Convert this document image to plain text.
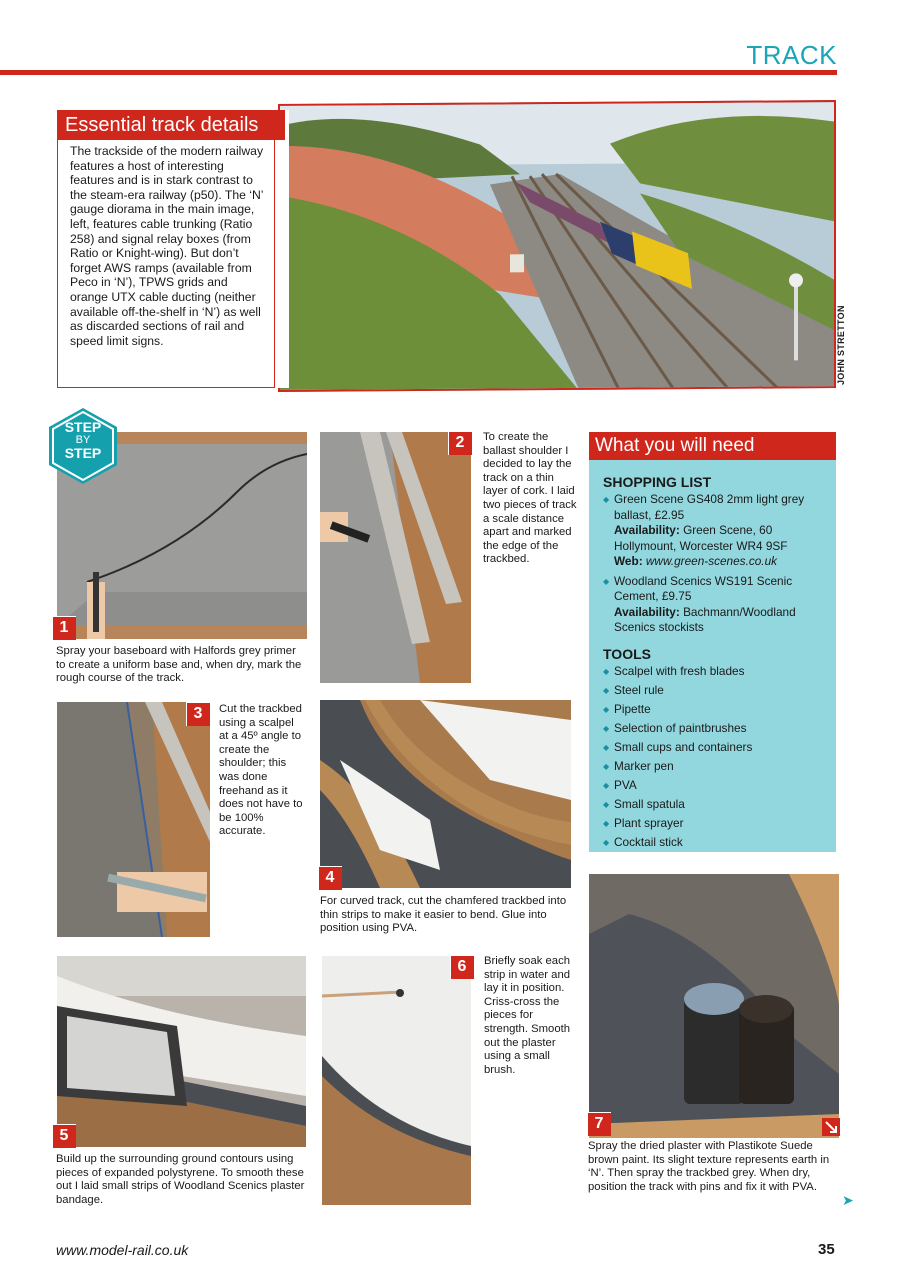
TRACK
JOHN STRETTON
Essential track details
The trackside of the modern railway features a host of interesting features and is in stark contrast to the steam-era railway (p50). The ‘N’ gauge diorama in the main image, left, features cable trunking (Ratio 258) and signal relay boxes (from Ratio or Knight-wing). But don’t forget AWS ramps (available from Peco in ‘N’), TPWS grids and orange UTX cable ducting (neither available off-the-shelf in ‘N’) as well as discarded sections of rail and speed limit signs.
1
Spray your baseboard with Halfords grey primer to create a uniform base and, when dry, mark the rough course of the track.
STEP
BY
STEP
2	To create the ballast shoulder I decided to lay the track on a thin layer of cork. I laid two pieces of track a scale distance apart and marked the edge of the trackbed.
3	Cut the trackbed using a scalpel at a 45º angle to create the shoulder; this was done freehand as it does not have to be 100% accurate.
4
For curved track, cut the chamfered trackbed into thin strips to make it easier to bend. Glue into position using PVA.
5
Build up the surrounding ground contours using pieces of expanded polystyrene. To smooth these out I laid small strips of Woodland Scenics plaster bandage.
6	Briefly soak each strip in water and lay it in position. Criss-cross the pieces for strength. Smooth out the plaster using a small brush.
7
Spray the dried plaster with Plastikote Suede brown paint. Its slight texture represents earth in ‘N’. Then spray the trackbed grey. When dry, position the track with pins and fix it with PVA.
What you will need
SHOPPING LIST
◆ Green Scene GS408 2mm light grey ballast, £2.95
Availability: Green Scene, 60 Hollymount, Worcester WR4 9SF
Web: www.green-scenes.co.uk
◆ Woodland Scenics WS191 Scenic Cement, £9.75
Availability: Bachmann/Woodland Scenics stockists
TOOLS
◆ Scalpel with fresh blades
◆ Steel rule
◆ Pipette
◆ Selection of paintbrushes
◆ Small cups and containers
◆ Marker pen
◆ PVA
◆ Small spatula
◆ Plant sprayer
◆ Cocktail stick
➤
www.model-rail.co.uk	35
